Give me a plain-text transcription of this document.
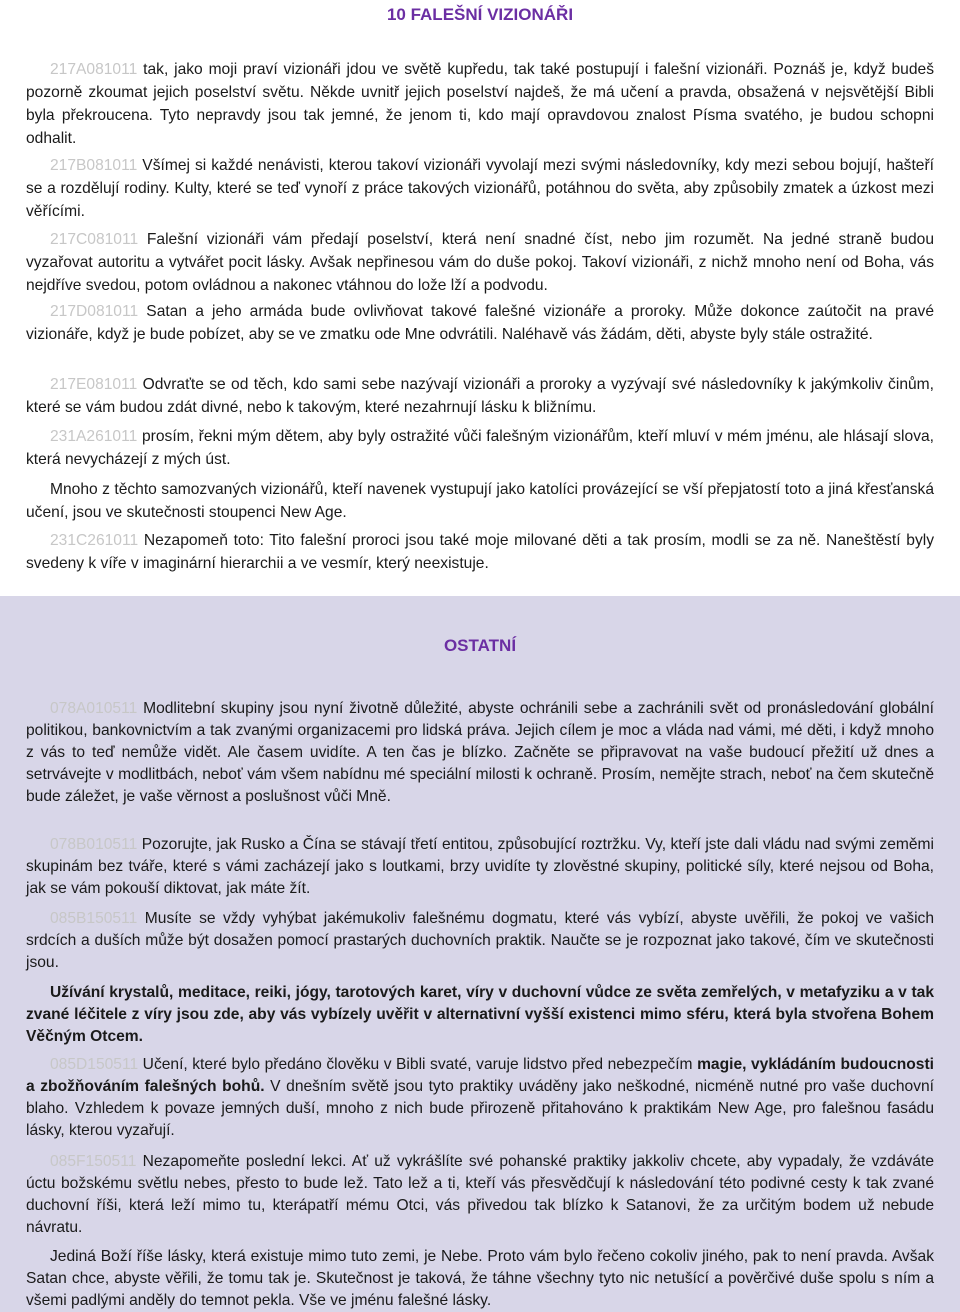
10 FALEŠNÍ VIZIONÁŘI

217A081011 tak, jako moji praví vizionáři jdou ve světě kupředu, tak také postupují i falešní vizionáři. Poznáš je, když budeš pozorně zkoumat jejich poselství světu. Někde uvnitř jejich poselství najdeš, že má učení a pravda, obsažená v nejsvětější Bibli byla překroucena. Tyto nepravdy jsou tak jemné, že jenom ti, kdo mají opravdovou znalost Písma svatého, je budou schopni odhalit.

217B081011 Všímej si každé nenávisti, kterou takoví vizionáři vyvolají mezi svými následovníky, kdy mezi sebou bojují, hašteří se a rozdělují rodiny. Kulty, které se teď vynoří z práce takových vizionářů, potáhnou do světa, aby způsobily zmatek a úzkost mezi věřícími.

217C081011 Falešní vizionáři vám předají poselství, která není snadné číst, nebo jim rozumět. Na jedné straně budou vyzařovat autoritu a vytvářet pocit lásky. Avšak nepřinesou vám do duše pokoj. Takoví vizionáři, z nichž mnoho není od Boha, vás nejdříve svedou, potom ovládnou a nakonec vtáhnou do lože lží a podvodu.

217D081011 Satan a jeho armáda bude ovlivňovat takové falešné vizionáře a proroky. Může dokonce zaútočit na pravé vizionáře, když je bude pobízet, aby se ve zmatku ode Mne odvrátili. Naléhavě vás žádám, děti, abyste byly stále ostražité.

217E081011 Odvraťte se od těch, kdo sami sebe nazývají vizionáři a proroky a vyzývají své následovníky k jakýmkoliv činům, které se vám budou zdát divné, nebo k takovým, které nezahrnují lásku k bližnímu.

231A261011 prosím, řekni mým dětem, aby byly ostražité vůči falešným vizionářům, kteří mluví v mém jménu, ale hlásají slova, která nevycházejí z mých úst.

Mnoho z těchto samozvaných vizionářů, kteří navenek vystupují jako katolíci provázející se vší přepjatostí toto a jiná křesťanská učení, jsou ve skutečnosti stoupenci New Age.

231C261011 Nezapomeň toto: Tito falešní proroci jsou také moje milované děti a tak prosím, modli se za ně. Naneštěstí byly svedeny k víře v imaginární hierarchii a ve vesmír, který neexistuje.

OSTATNÍ

078A010511 Modlitební skupiny jsou nyní životně důležité, abyste ochránili sebe a zachránili svět od pronásledování globální politikou, bankovnictvím a tak zvanými organizacemi pro lidská práva. Jejich cílem je moc a vláda nad vámi, mé děti, i když mnoho z vás to teď nemůže vidět. Ale časem uvidíte. A ten čas je blízko. Začněte se připravovat na vaše budoucí přežití už dnes a setrvávejte v modlitbách, neboť vám všem nabídnu mé speciální milosti k ochraně. Prosím, nemějte strach, neboť na čem skutečně bude záležet, je vaše věrnost a poslušnost vůči Mně.

078B010511 Pozorujte, jak Rusko a Čína se stávají třetí entitou, způsobující roztržku. Vy, kteří jste dali vládu nad svými zeměmi skupinám bez tváře, které s vámi zacházejí jako s loutkami, brzy uvidíte ty zlověstné skupiny, politické síly, které nejsou od Boha, jak se vám pokouší diktovat, jak máte žít.

085B150511 Musíte se vždy vyhýbat jakémukoliv falešnému dogmatu, které vás vybízí, abyste uvěřili, že pokoj ve vašich srdcích a duších může být dosažen pomocí prastarých duchovních praktik. Naučte se je rozpoznat jako takové, čím ve skutečnosti jsou.

Užívání krystalů, meditace, reiki, jógy, tarotových karet, víry v duchovní vůdce ze světa zemřelých, v metafyziku a v tak zvané léčitele z víry jsou zde, aby vás vybízely uvěřit v alternativní vyšší existenci mimo sféru, která byla stvořena Bohem Věčným Otcem.

085D150511 Učení, které bylo předáno člověku v Bibli svaté, varuje lidstvo před nebezpečím magie, vykládáním budoucnosti a zbožňováním falešných bohů. V dnešním světě jsou tyto praktiky uváděny jako neškodné, nicméně nutné pro vaše duchovní blaho. Vzhledem k povaze jemných duší, mnoho z nich bude přirozeně přitahováno k praktikám New Age, pro falešnou fasádu lásky, kterou vyzařují.

085F150511 Nezapomeňte poslední lekci. Ať už vykrášlíte své pohanské praktiky jakkoliv chcete, aby vypadaly, že vzdáváte úctu božskému světlu nebes, přesto to bude lež. Tato lež a ti, kteří vás přesvědčují k následování této podivné cesty k tak zvané duchovní říši, která leží mimo tu, kterápatří mému Otci, vás přivedou tak blízko k Satanovi, že za určitým bodem už nebude návratu.

Jediná Boží říše lásky, která existuje mimo tuto zemi, je Nebe. Proto vám bylo řečeno cokoliv jiného, pak to není pravda. Avšak Satan chce, abyste věřili, že tomu tak je. Skutečnost je taková, že táhne všechny tyto nic netušící a pověrčivé duše spolu s ním a všemi padlými anděly do temnot pekla. Vše ve jménu falešné lásky.
